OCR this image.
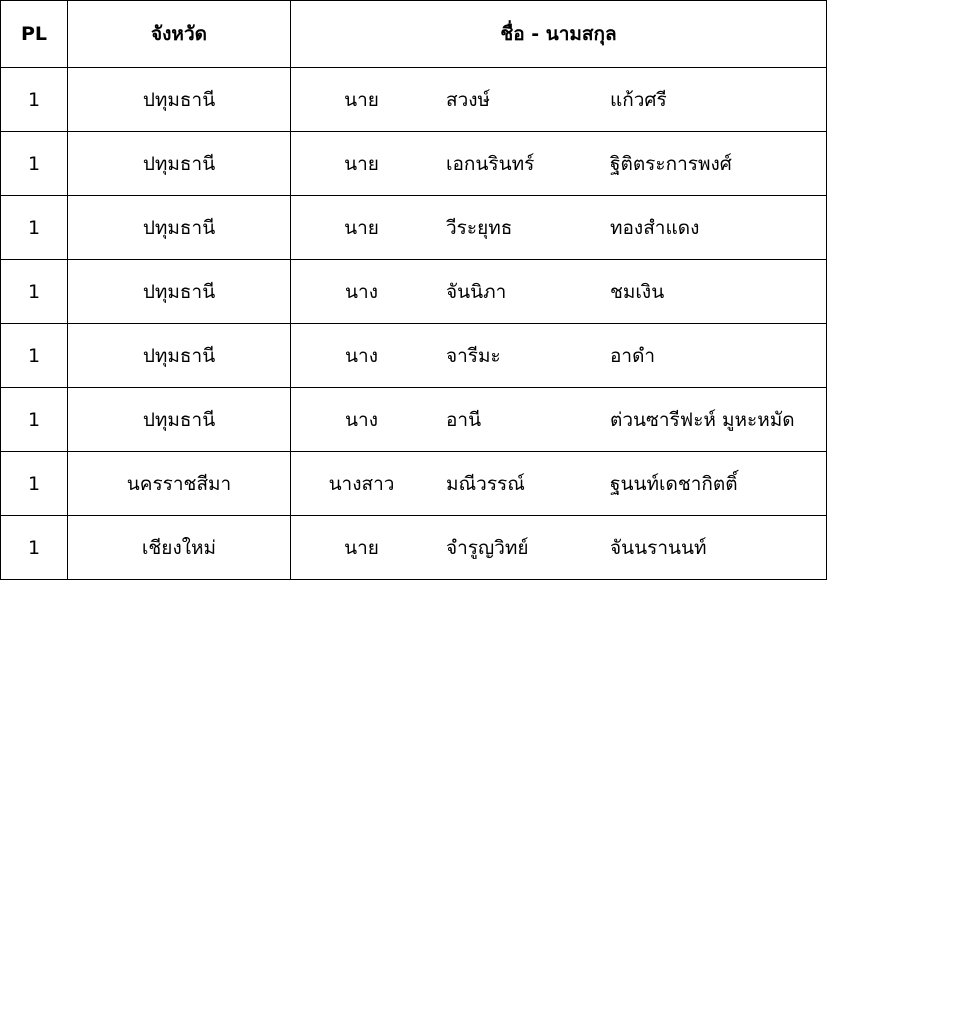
PL	จังหวัด	ชื่อ - นามสกุล
1	ปทุมธานี	นาย สวงษ์ แก้วศรี

1	ปทุมธานี	นาย เอกนรินทร์ ฐิติตระการพงศ์

1	ปทุมธานี	นาย วีระยุทธ ทองสำแดง

1	ปทุมธานี	นาง จันนิภา ชมเงิน

1	ปทุมธานี	นาง จารีมะ อาดำ

1	ปทุมธานี	นาง อานี ต่วนซารีฟะห์ มูหะหมัด

1	นครราชสีมา	นางสาว มณีวรรณ์ ฐนนท์เดชากิตติ์

1	เชียงใหม่	นาย จำรูญวิทย์ จันนรานนท์
